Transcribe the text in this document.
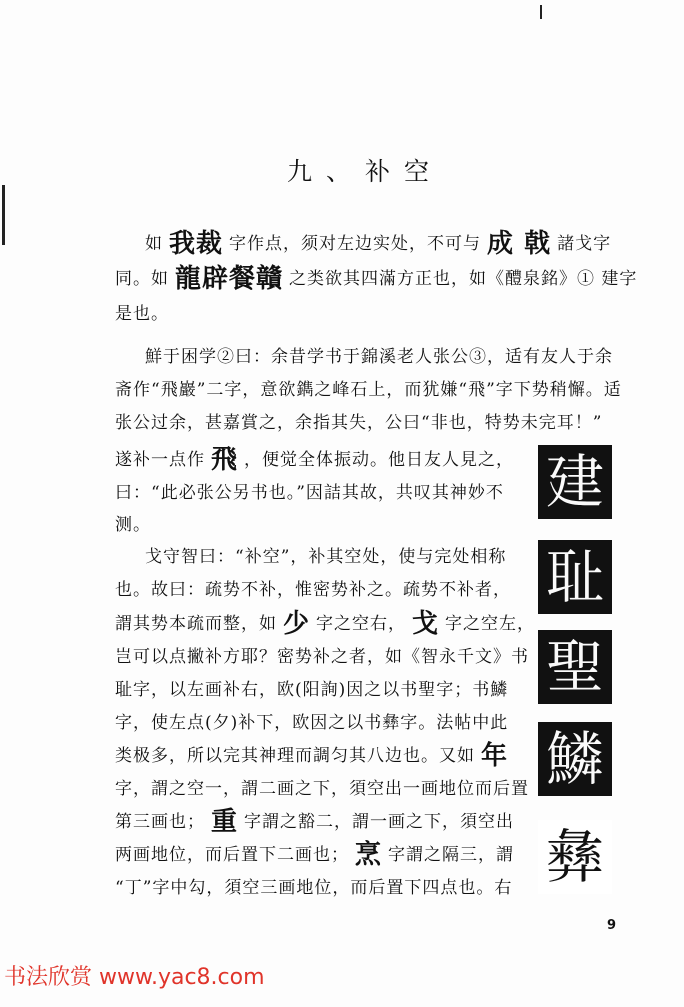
九、补空
如 我裁 字作点，须对左边实处，不可与 成 戟 諸戈字
同。如 龍辟餐贛 之类欲其四滿方正也，如《醴泉銘》① 建字
是也。
鮮于困学②曰：余昔学书于錦溪老人张公③，适有友人于余
斋作“飛巖”二字，意欲鐫之峰石上，而犹嫌“飛”字下势稍懈。适
张公过余，甚嘉賞之，余指其失，公曰“非也，特势未完耳！”
遂补一点作 飛 ，便觉全体振动。他日友人見之，
曰：“此必张公另书也。”因詰其故，共叹其神妙不
测。
戈守智曰：“补空”，补其空处，使与完处相称
也。故曰：疏势不补，惟密势补之。疏势不补者，
謂其势本疏而整，如 少 字之空右， 戈 字之空左，
岂可以点撇补方耶？密势补之者，如《智永千文》书
耻字，以左画补右，欧(阳詢)因之以书聖字；书鱗
字，使左点(夕)补下，欧因之以书彝字。法帖中此
类极多，所以完其神理而調匀其八边也。又如 年
字，謂之空一，謂二画之下，須空出一画地位而后置
第三画也； 重 字謂之豁二，謂一画之下，須空出
两画地位，而后置下二画也； 烹 字謂之隔三，謂
“丁”字中勾，須空三画地位，而后置下四点也。右
建
耻
聖
鱗
彝
9
书法欣赏 www.yac8.com
